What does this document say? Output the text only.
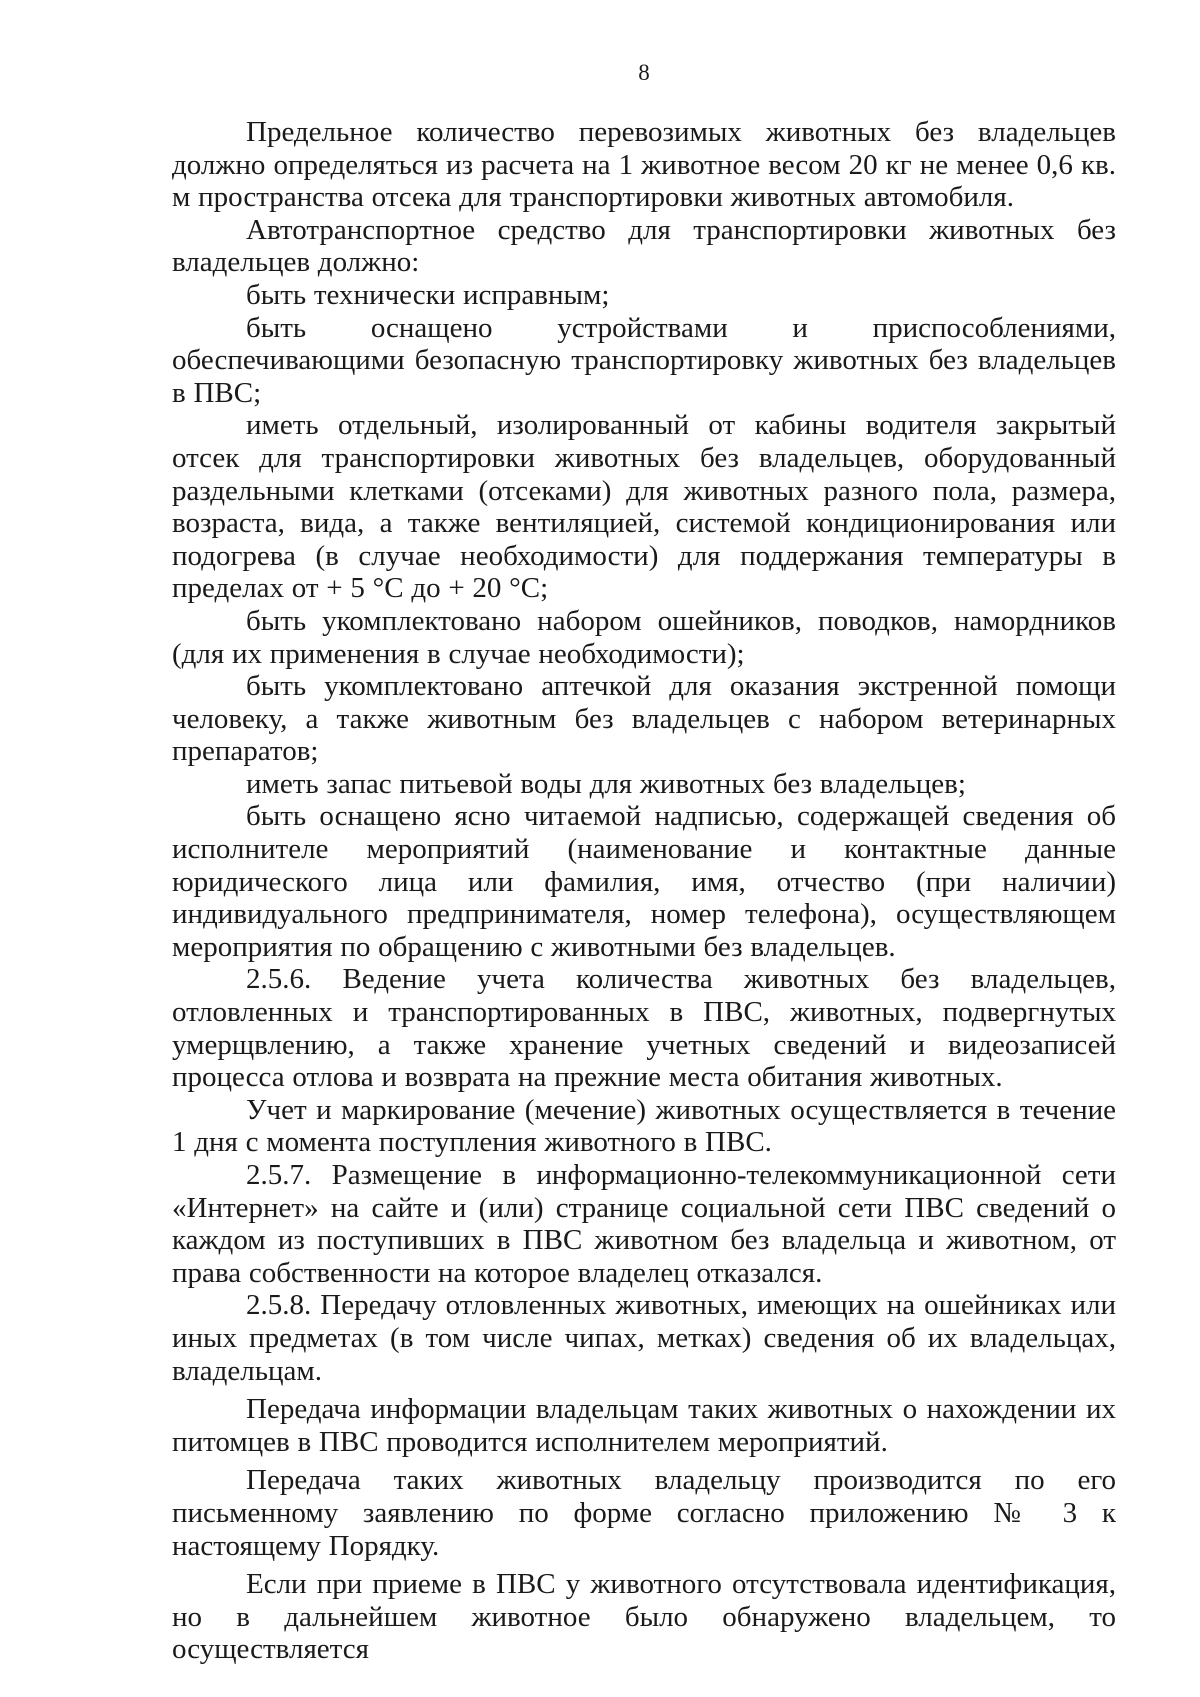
8

Предельное количество перевозимых животных без владельцев должно определяться из расчета на 1 животное весом 20 кг не менее 0,6 кв. м пространства отсека для транспортировки животных автомобиля.

Автотранспортное средство для транспортировки животных без владельцев должно:

быть технически исправным;

быть оснащено устройствами и приспособлениями, обеспечивающими безопасную транспортировку животных без владельцев в ПВС;

иметь отдельный, изолированный от кабины водителя закрытый отсек для транспортировки животных без владельцев, оборудованный раздельными клетками (отсеками) для животных разного пола, размера, возраста, вида, а также вентиляцией, системой кондиционирования или подогрева (в случае необходимости) для поддержания температуры в пределах от + 5 °С до + 20 °С;

быть укомплектовано набором ошейников, поводков, намордников (для их применения в случае необходимости);

быть укомплектовано аптечкой для оказания экстренной помощи человеку, а также животным без владельцев с набором ветеринарных препаратов;

иметь запас питьевой воды для животных без владельцев;

быть оснащено ясно читаемой надписью, содержащей сведения об исполнителе мероприятий (наименование и контактные данные юридического лица или фамилия, имя, отчество (при наличии) индивидуального предпринимателя, номер телефона), осуществляющем мероприятия по обращению с животными без владельцев.

2.5.6. Ведение учета количества животных без владельцев, отловленных и транспортированных в ПВС, животных, подвергнутых умерщвлению, а также хранение учетных сведений и видеозаписей процесса отлова и возврата на прежние места обитания животных.

Учет и маркирование (мечение) животных осуществляется в течение 1 дня с момента поступления животного в ПВС.

2.5.7. Размещение в информационно-телекоммуникационной сети «Интернет» на сайте и (или) странице социальной сети ПВС сведений о каждом из поступивших в ПВС животном без владельца и животном, от права собственности на которое владелец отказался.

2.5.8. Передачу отловленных животных, имеющих на ошейниках или иных предметах (в том числе чипах, метках) сведения об их владельцах, владельцам.

Передача информации владельцам таких животных о нахождении их питомцев в ПВС проводится исполнителем мероприятий.

Передача таких животных владельцу производится по его письменному заявлению по форме согласно приложению № 3 к настоящему Порядку.

Если при приеме в ПВС у животного отсутствовала идентификация, но в дальнейшем животное было обнаружено владельцем, то осуществляется
